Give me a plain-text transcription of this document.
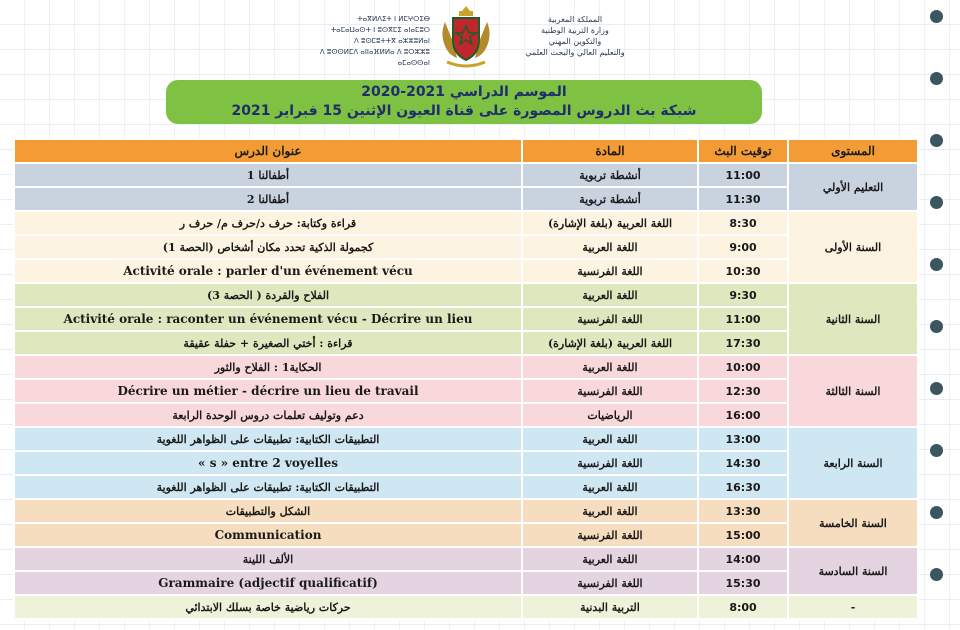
ⵜⴰⴳⵍⴷⵉⵜ ⵏ ⵍⵎⵖⵔⵉⴱ
ⵜⴰⵎⴰⵡⴰⵙⵜ ⵏ ⵓⵙⴳⵎⵉ ⴰⵏⴰⵎⵓⵔ
ⴷ ⵓⵙⵎⵓⵜⵜⴳ ⴰⵣⵣⵓⵍⴰⵏ
ⴷ ⵓⵙⵙⵍⵎⴷ ⴰⵏⵏⴰⴼⵍⵍⴰ ⴷ ⵓⵔⵣⵣⵓ ⴰⵎⴰⵙⵙⴰⵏ
المملكة المغربية
وزارة التربية الوطنية
والتكوين المهني
والتعليم العالي والبحث العلمي
الموسم الدراسي 2021-2020
شبكة بث الدروس المصورة على قناة العيون الإثنين 15 فبراير 2021
المستوى	توقيت البث	المادة	عنوان الدرس
التعليم الأولي	11:00	أنشطة تربوية	أطفالنا 1
	11:30	أنشطة تربوية	أطفالنا 2
السنة الأولى	8:30	اللغة العربية (بلغة الإشارة)	قراءة وكتابة: حرف د/حرف م/ حرف ر
	9:00	اللغة العربية	كجمولة الذكية تحدد مكان أشخاص (الحصة 1)
	10:30	اللغة الفرنسية	Activité orale : parler d'un événement vécu
السنة الثانية	9:30	اللغة العربية	الفلاح والقردة ( الحصة 3)
	11:00	اللغة الفرنسية	Activité orale : raconter un événement vécu - Décrire un lieu
	17:30	اللغة العربية (بلغة الإشارة)	قراءة : أختي الصغيرة + حفلة عقيقة
السنة الثالثة	10:00	اللغة العربية	الحكاية1 : الفلاح والثور
	12:30	اللغة الفرنسية	Décrire un métier - décrire un lieu de travail
	16:00	الرياضيات	دعم وتوليف تعلمات دروس الوحدة الرابعة
السنة الرابعة	13:00	اللغة العربية	التطبيقات الكتابية: تطبيقات على الظواهر اللغوية
	14:30	اللغة الفرنسية	« s » entre 2 voyelles
	16:30	اللغة العربية	التطبيقات الكتابية: تطبيقات على الظواهر اللغوية
السنة الخامسة	13:30	اللغة العربية	الشكل والتطبيقات
	15:00	اللغة الفرنسية	Communication
السنة السادسة	14:00	اللغة العربية	الألف اللينة
	15:30	اللغة الفرنسية	Grammaire (adjectif qualificatif)
-	8:00	التربية البدنية	حركات رياضية خاصة بسلك الابتدائي
